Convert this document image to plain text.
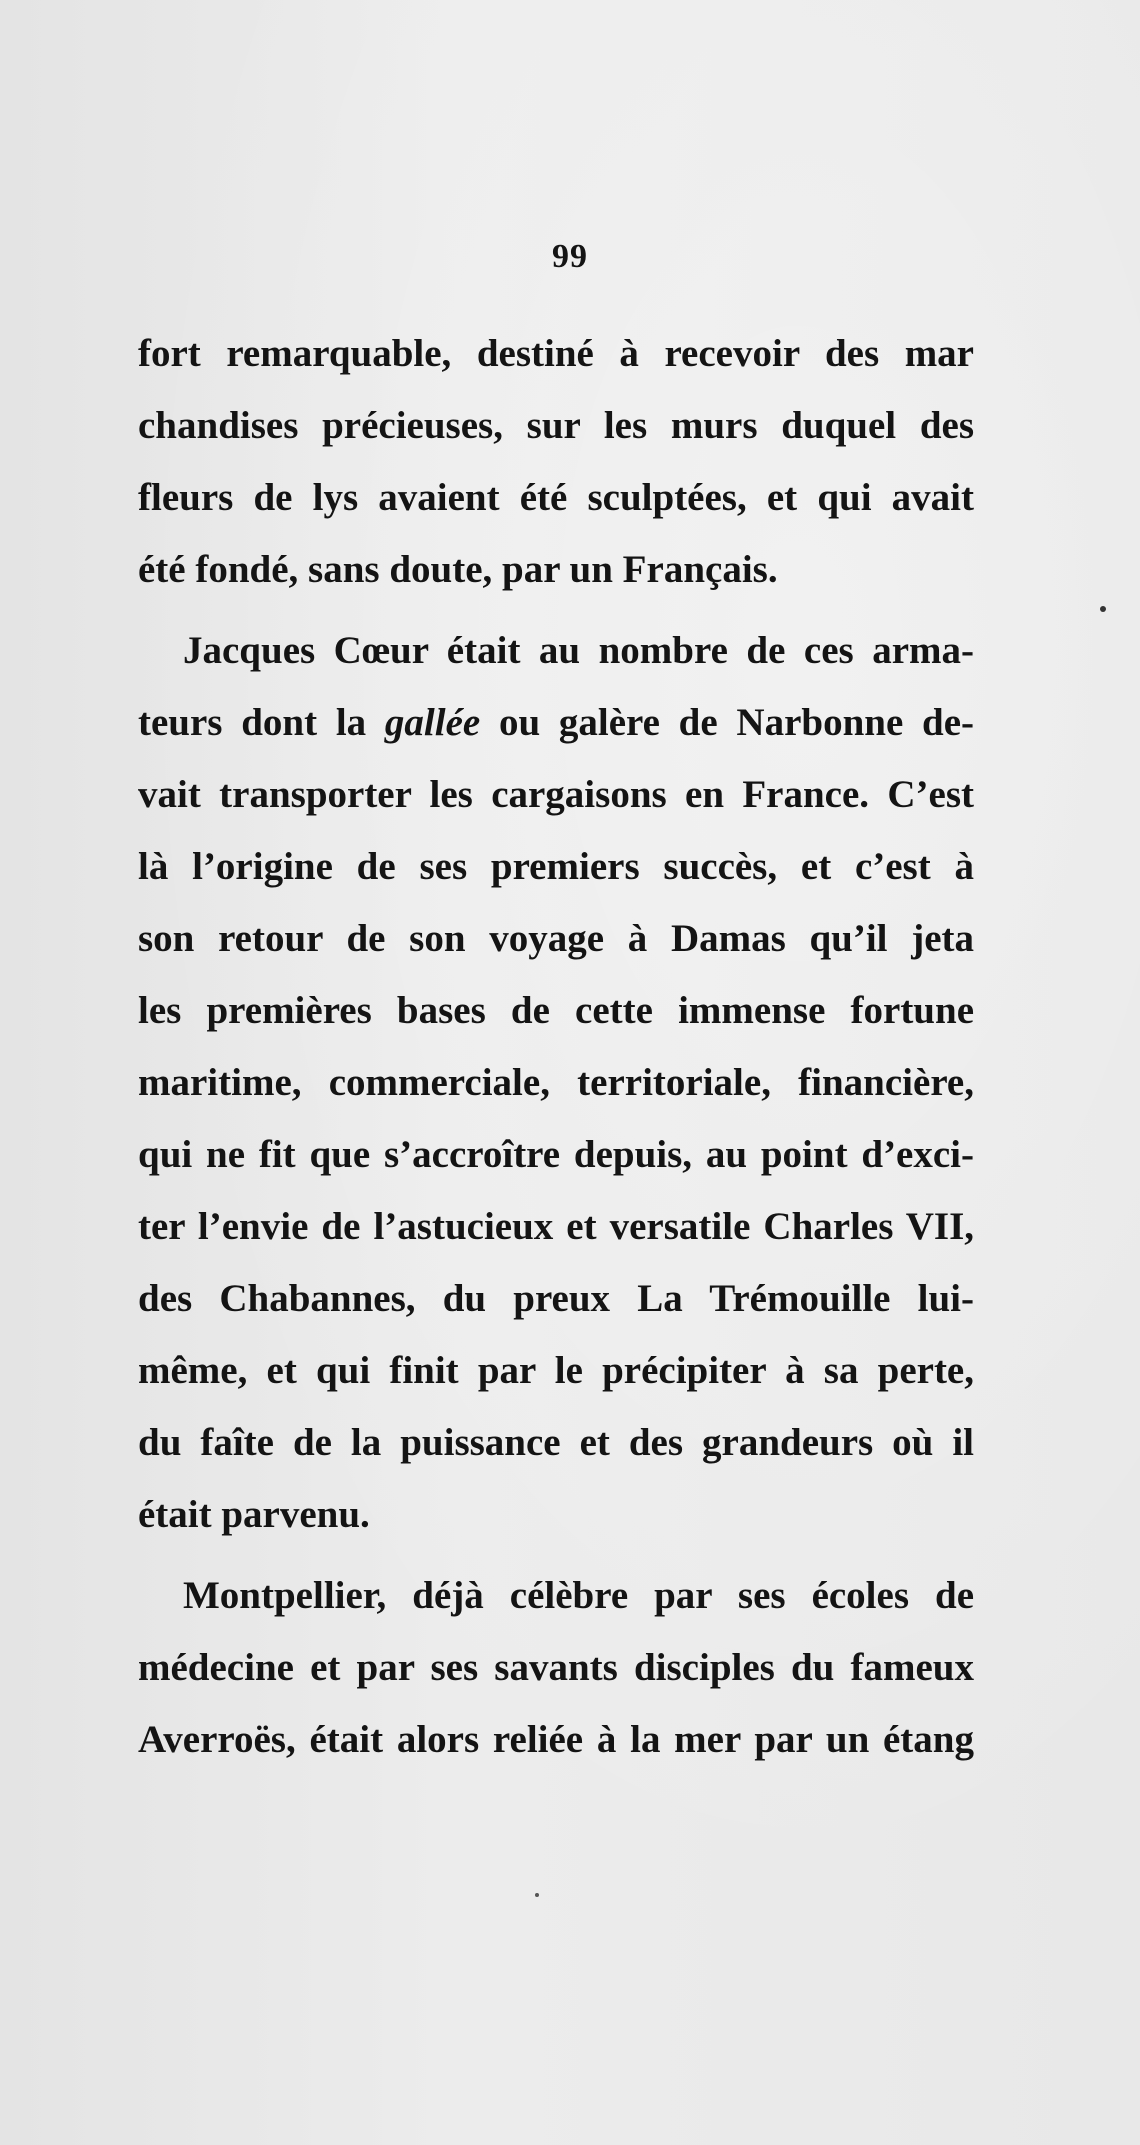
99
fort remarquable, destiné à recevoir des mar
chandises précieuses, sur les murs duquel des
fleurs de lys avaient été sculptées, et qui avait
été fondé, sans doute, par un Français.
Jacques Cœur était au nombre de ces arma-
teurs dont la gallée ou galère de Narbonne de-
vait transporter les cargaisons en France. C’est
là l’origine de ses premiers succès, et c’est à
son retour de son voyage à Damas qu’il jeta
les premières bases de cette immense fortune
maritime, commerciale, territoriale, financière,
qui ne fit que s’accroître depuis, au point d’exci-
ter l’envie de l’astucieux et versatile Charles VII,
des Chabannes, du preux La Trémouille lui-
même, et qui finit par le précipiter à sa perte,
du faîte de la puissance et des grandeurs où il
était parvenu.
Montpellier, déjà célèbre par ses écoles de
médecine et par ses savants disciples du fameux
Averroës, était alors reliée à la mer par un étang
